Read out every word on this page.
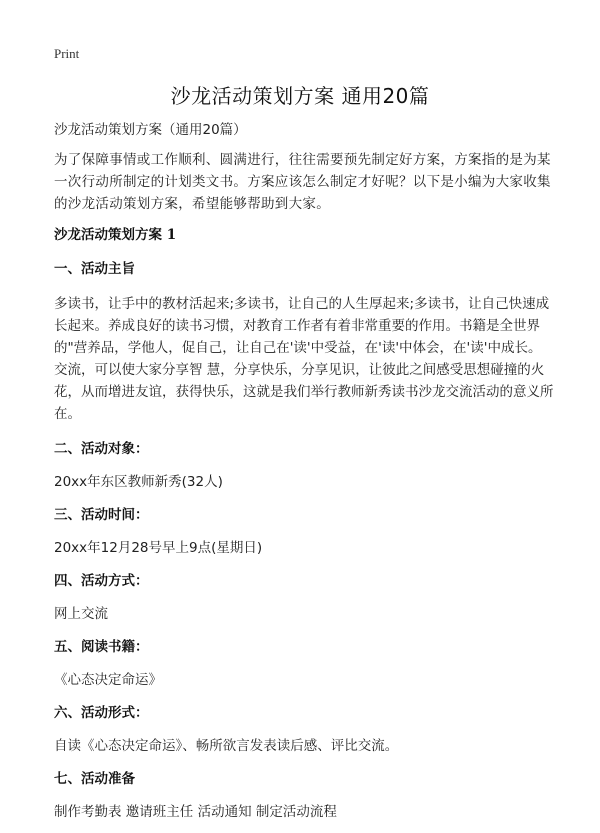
Print
沙龙活动策划方案 通用20篇

沙龙活动策划方案（通用20篇）

为了保障事情或工作顺利、圆满进行，往往需要预先制定好方案，方案指的是为某一次行动所制定的计划类文书。方案应该怎么制定才好呢？以下是小编为大家收集的沙龙活动策划方案，希望能够帮助到大家。

沙龙活动策划方案 1

一、活动主旨

多读书，让手中的教材活起来;多读书，让自己的人生厚起来;多读书，让自己快速成长起来。养成良好的读书习惯，对教育工作者有着非常重要的作用。书籍是全世界的"营养品，学他人，促自己，让自己在'读'中受益，在'读'中体会，在'读'中成长。交流，可以使大家分享智 慧，分享快乐，分享见识，让彼此之间感受思想碰撞的火花，从而增进友谊，获得快乐，这就是我们举行教师新秀读书沙龙交流活动的意义所在。

二、活动对象：

20xx年东区教师新秀(32人)

三、活动时间：

20xx年12月28号早上9点(星期日)

四、活动方式：

网上交流

五、阅读书籍：

《心态决定命运》

六、活动形式：

自读《心态决定命运》、畅所欲言发表读后感、评比交流。

七、活动准备

制作考勤表 邀请班主任 活动通知 制定活动流程
